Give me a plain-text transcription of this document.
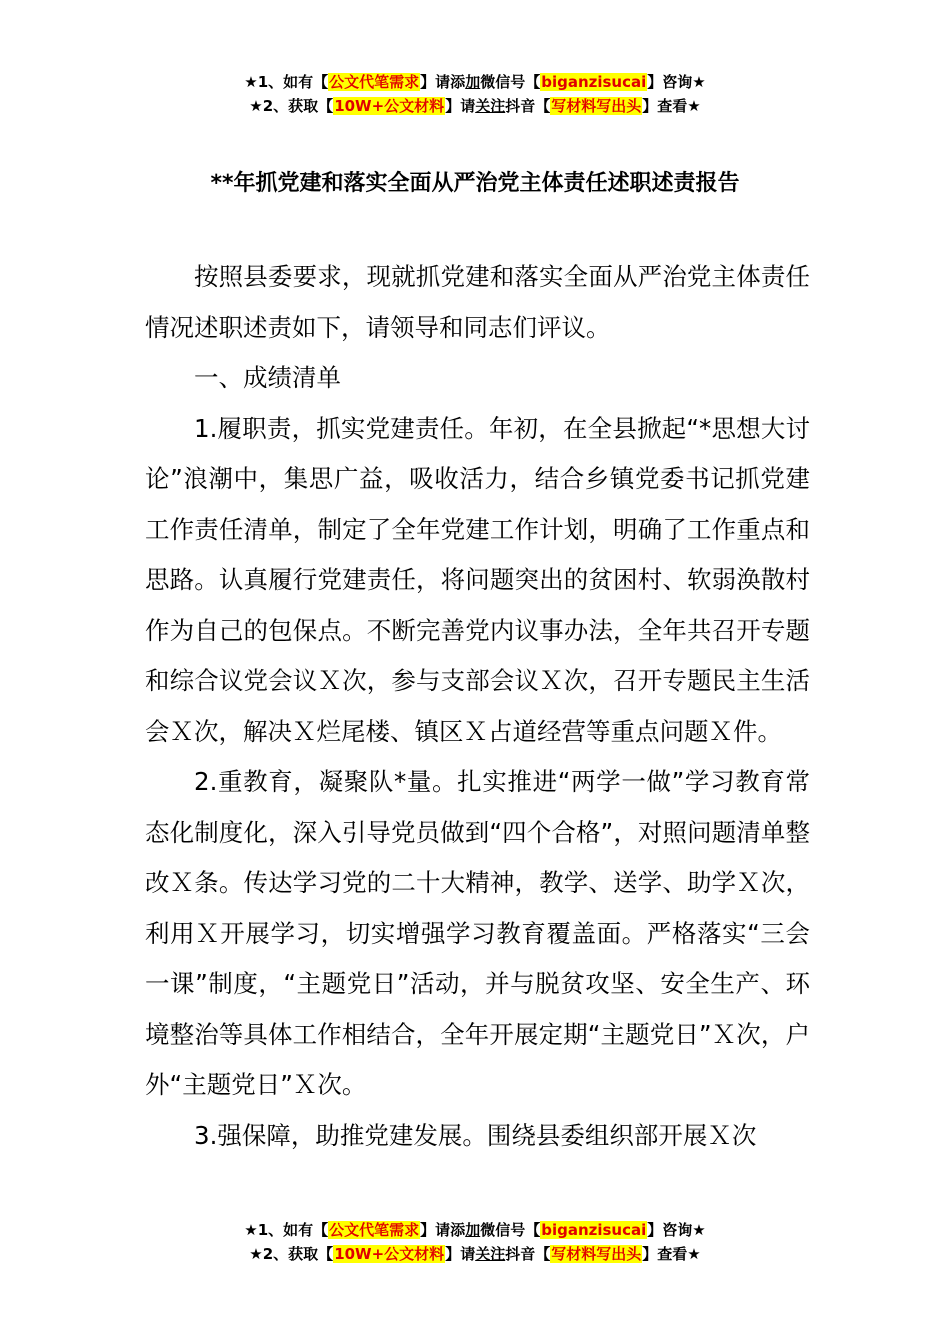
★1、如有【公文代笔需求】请添加微信号【biganzisucai】咨询★
★2、获取【10W+公文材料】请关注抖音【写材料写出头】查看★
**年抓党建和落实全面从严治党主体责任述职述责报告

按照县委要求，现就抓党建和落实全面从严治党主体责任情况述职述责如下，请领导和同志们评议。

一、成绩清单

1.履职责，抓实党建责任。年初，在全县掀起“*思想大讨论”浪潮中，集思广益，吸收活力，结合乡镇党委书记抓党建工作责任清单，制定了全年党建工作计划，明确了工作重点和思路。认真履行党建责任，将问题突出的贫困村、软弱涣散村作为自己的包保点。不断完善党内议事办法，全年共召开专题和综合议党会议Ｘ次，参与支部会议Ｘ次，召开专题民主生活会Ｘ次，解决Ｘ烂尾楼、镇区Ｘ占道经营等重点问题Ｘ件。

2.重教育，凝聚队*量。扎实推进“两学一做”学习教育常态化制度化，深入引导党员做到“四个合格”，对照问题清单整改Ｘ条。传达学习党的二十大精神，教学、送学、助学Ｘ次，利用Ｘ开展学习，切实增强学习教育覆盖面。严格落实“三会一课”制度，“主题党日”活动，并与脱贫攻坚、安全生产、环境整治等具体工作相结合，全年开展定期“主题党日”Ｘ次，户外“主题党日”Ｘ次。

3.强保障，助推党建发展。围绕县委组织部开展Ｘ次

★1、如有【公文代笔需求】请添加微信号【biganzisucai】咨询★
★2、获取【10W+公文材料】请关注抖音【写材料写出头】查看★
